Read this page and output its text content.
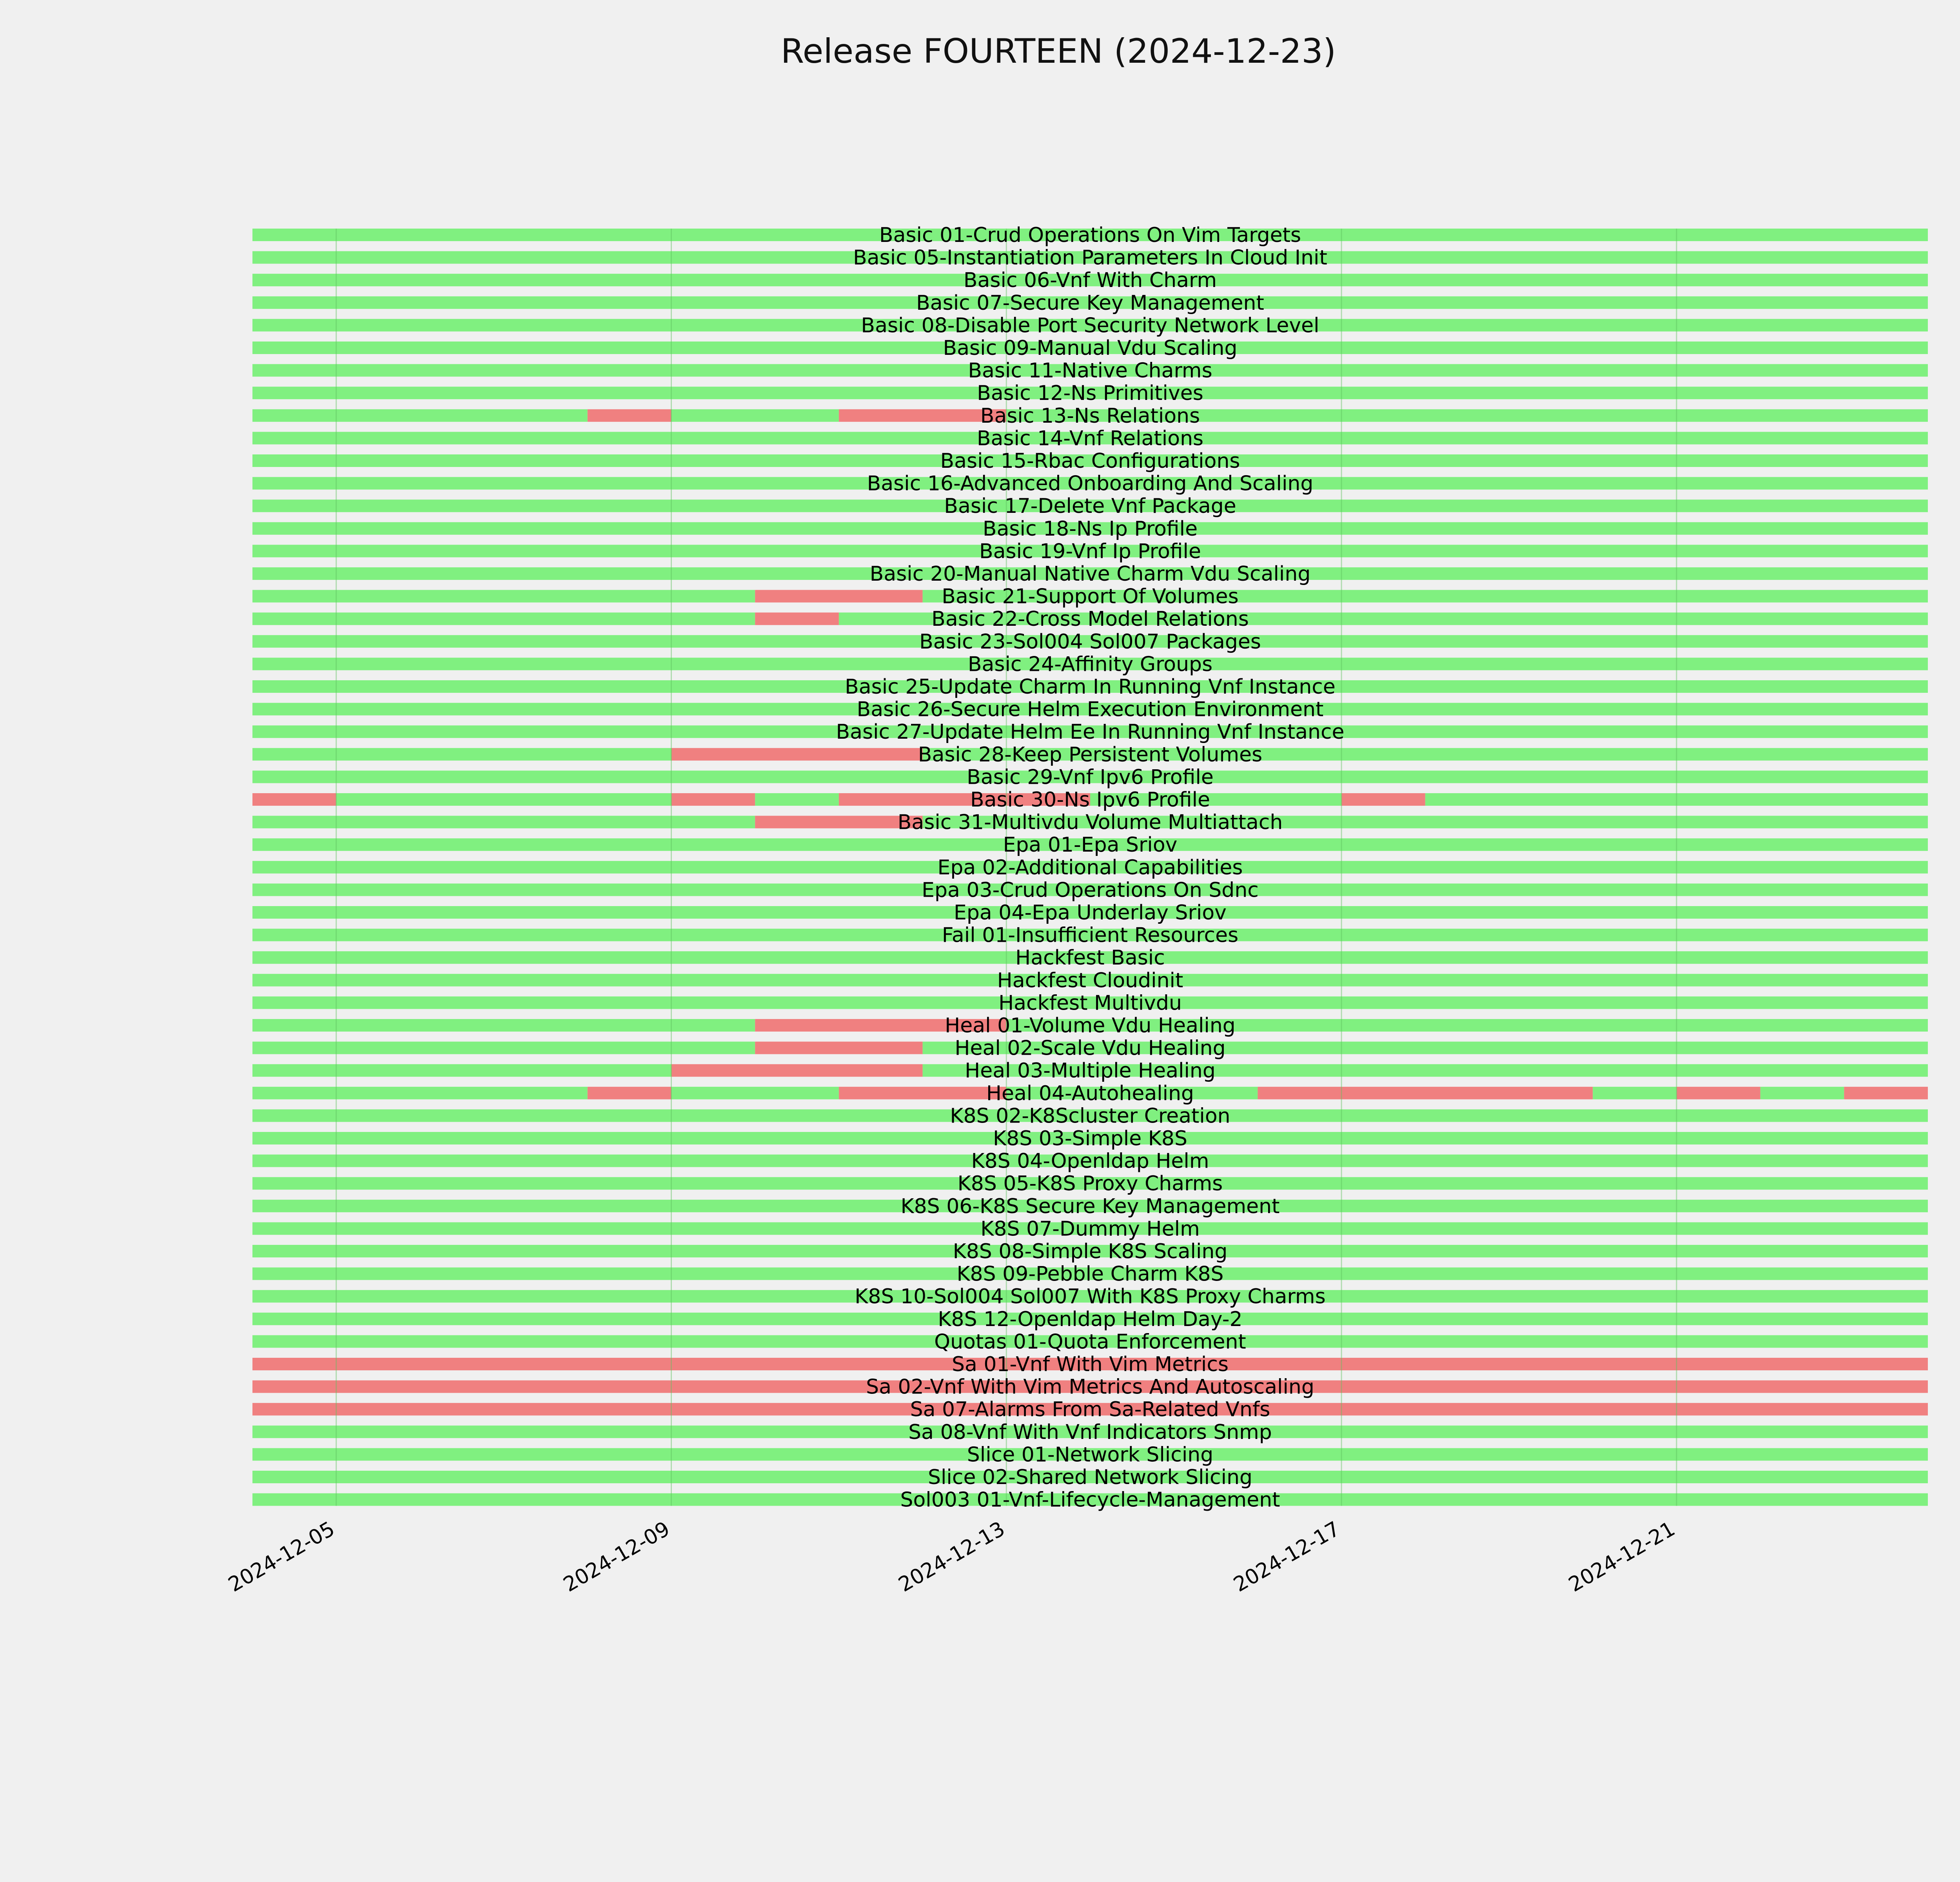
Release FOURTEEN (2024-12-23)
Basic 01-Crud Operations On Vim Targets
Basic 05-Instantiation Parameters In Cloud Init
Basic 06-Vnf With Charm
Basic 07-Secure Key Management
Basic 08-Disable Port Security Network Level
Basic 09-Manual Vdu Scaling
Basic 11-Native Charms
Basic 12-Ns Primitives
Basic 13-Ns Relations
Basic 14-Vnf Relations
Basic 15-Rbac Configurations
Basic 16-Advanced Onboarding And Scaling
Basic 17-Delete Vnf Package
Basic 18-Ns Ip Profile
Basic 19-Vnf Ip Profile
Basic 20-Manual Native Charm Vdu Scaling
Basic 21-Support Of Volumes
Basic 22-Cross Model Relations
Basic 23-Sol004 Sol007 Packages
Basic 24-Affinity Groups
Basic 25-Update Charm In Running Vnf Instance
Basic 26-Secure Helm Execution Environment
Basic 27-Update Helm Ee In Running Vnf Instance
Basic 28-Keep Persistent Volumes
Basic 29-Vnf Ipv6 Profile
Basic 30-Ns Ipv6 Profile
Basic 31-Multivdu Volume Multiattach
Epa 01-Epa Sriov
Epa 02-Additional Capabilities
Epa 03-Crud Operations On Sdnc
Epa 04-Epa Underlay Sriov
Fail 01-Insufficient Resources
Hackfest Basic
Hackfest Cloudinit
Hackfest Multivdu
Heal 01-Volume Vdu Healing
Heal 02-Scale Vdu Healing
Heal 03-Multiple Healing
Heal 04-Autohealing
K8S 02-K8Scluster Creation
K8S 03-Simple K8S
K8S 04-Openldap Helm
K8S 05-K8S Proxy Charms
K8S 06-K8S Secure Key Management
K8S 07-Dummy Helm
K8S 08-Simple K8S Scaling
K8S 09-Pebble Charm K8S
K8S 10-Sol004 Sol007 With K8S Proxy Charms
K8S 12-Openldap Helm Day-2
Quotas 01-Quota Enforcement
Sa 01-Vnf With Vim Metrics
Sa 02-Vnf With Vim Metrics And Autoscaling
Sa 07-Alarms From Sa-Related Vnfs
Sa 08-Vnf With Vnf Indicators Snmp
Slice 01-Network Slicing
Slice 02-Shared Network Slicing
Sol003 01-Vnf-Lifecycle-Management
2024-12-05	2024-12-09	2024-12-13	2024-12-17	2024-12-21
